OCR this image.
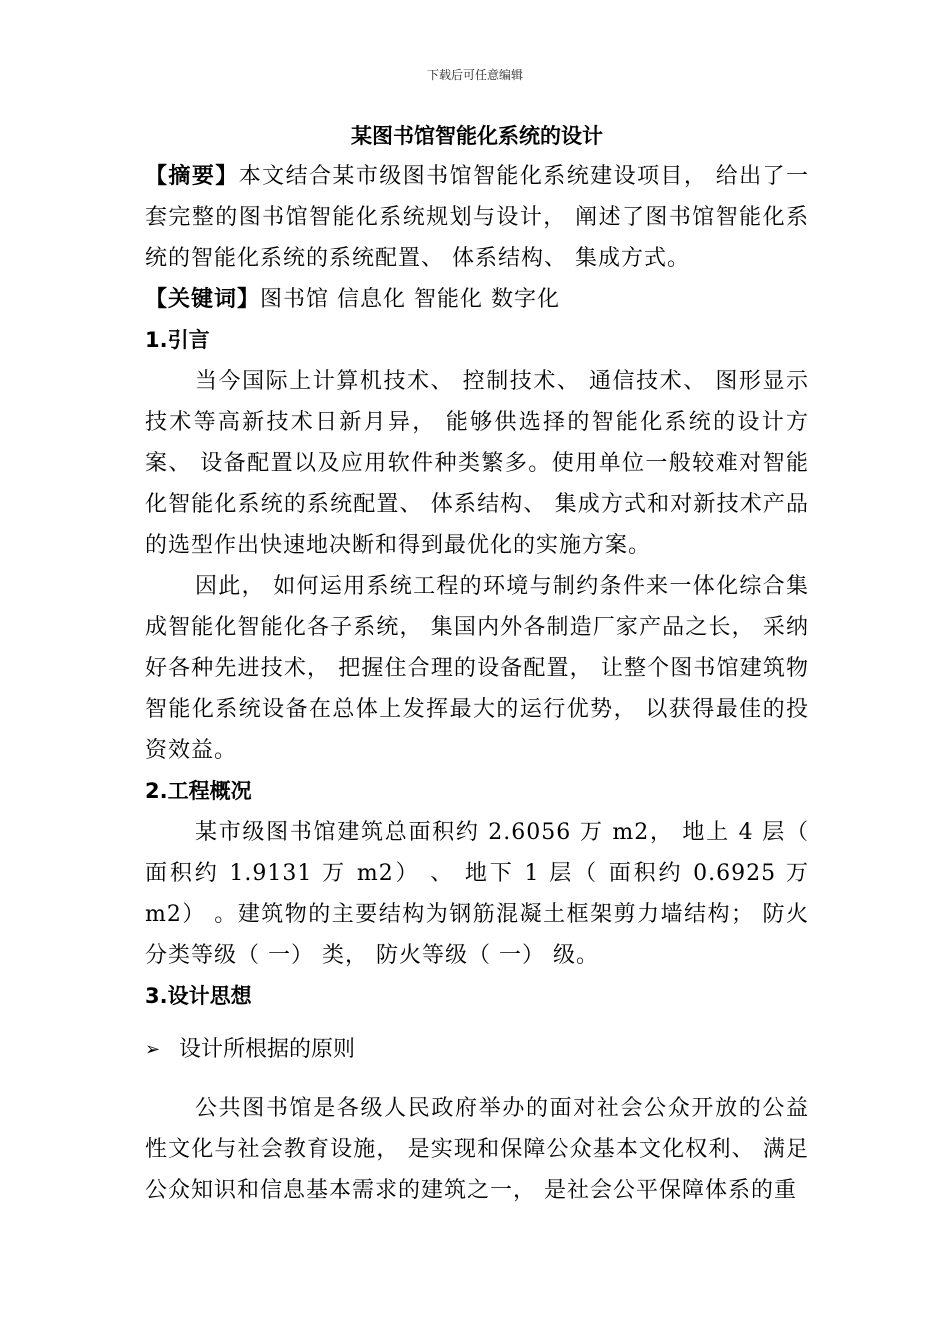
下载后可任意编辑
某图书馆智能化系统的设计

【摘要】本文结合某市级图书馆智能化系统建设项目， 给出了一套完整的图书馆智能化系统规划与设计， 阐述了图书馆智能化系统的智能化系统的系统配置、 体系结构、 集成方式。

【关键词】图书馆 信息化 智能化 数字化

1.引言

当今国际上计算机技术、 控制技术、 通信技术、 图形显示技术等高新技术日新月异， 能够供选择的智能化系统的设计方案、 设备配置以及应用软件种类繁多。使用单位一般较难对智能化智能化系统的系统配置、 体系结构、 集成方式和对新技术产品的选型作出快速地决断和得到最优化的实施方案。

因此， 如何运用系统工程的环境与制约条件来一体化综合集成智能化智能化各子系统， 集国内外各制造厂家产品之长， 采纳好各种先进技术， 把握住合理的设备配置， 让整个图书馆建筑物智能化系统设备在总体上发挥最大的运行优势， 以获得最佳的投资效益。

2.工程概况

某市级图书馆建筑总面积约 2.6056 万 m2， 地上 4 层（ 面积约 1.9131 万 m2） 、 地下 1 层（ 面积约 0.6925 万 m2） 。建筑物的主要结构为钢筋混凝土框架剪力墙结构； 防火分类等级（ 一） 类， 防火等级（ 一） 级。

3.设计思想
➢ 设计所根据的原则

公共图书馆是各级人民政府举办的面对社会公众开放的公益性文化与社会教育设施， 是实现和保障公众基本文化权利、 满足公众知识和信息基本需求的建筑之一， 是社会公平保障体系的重
